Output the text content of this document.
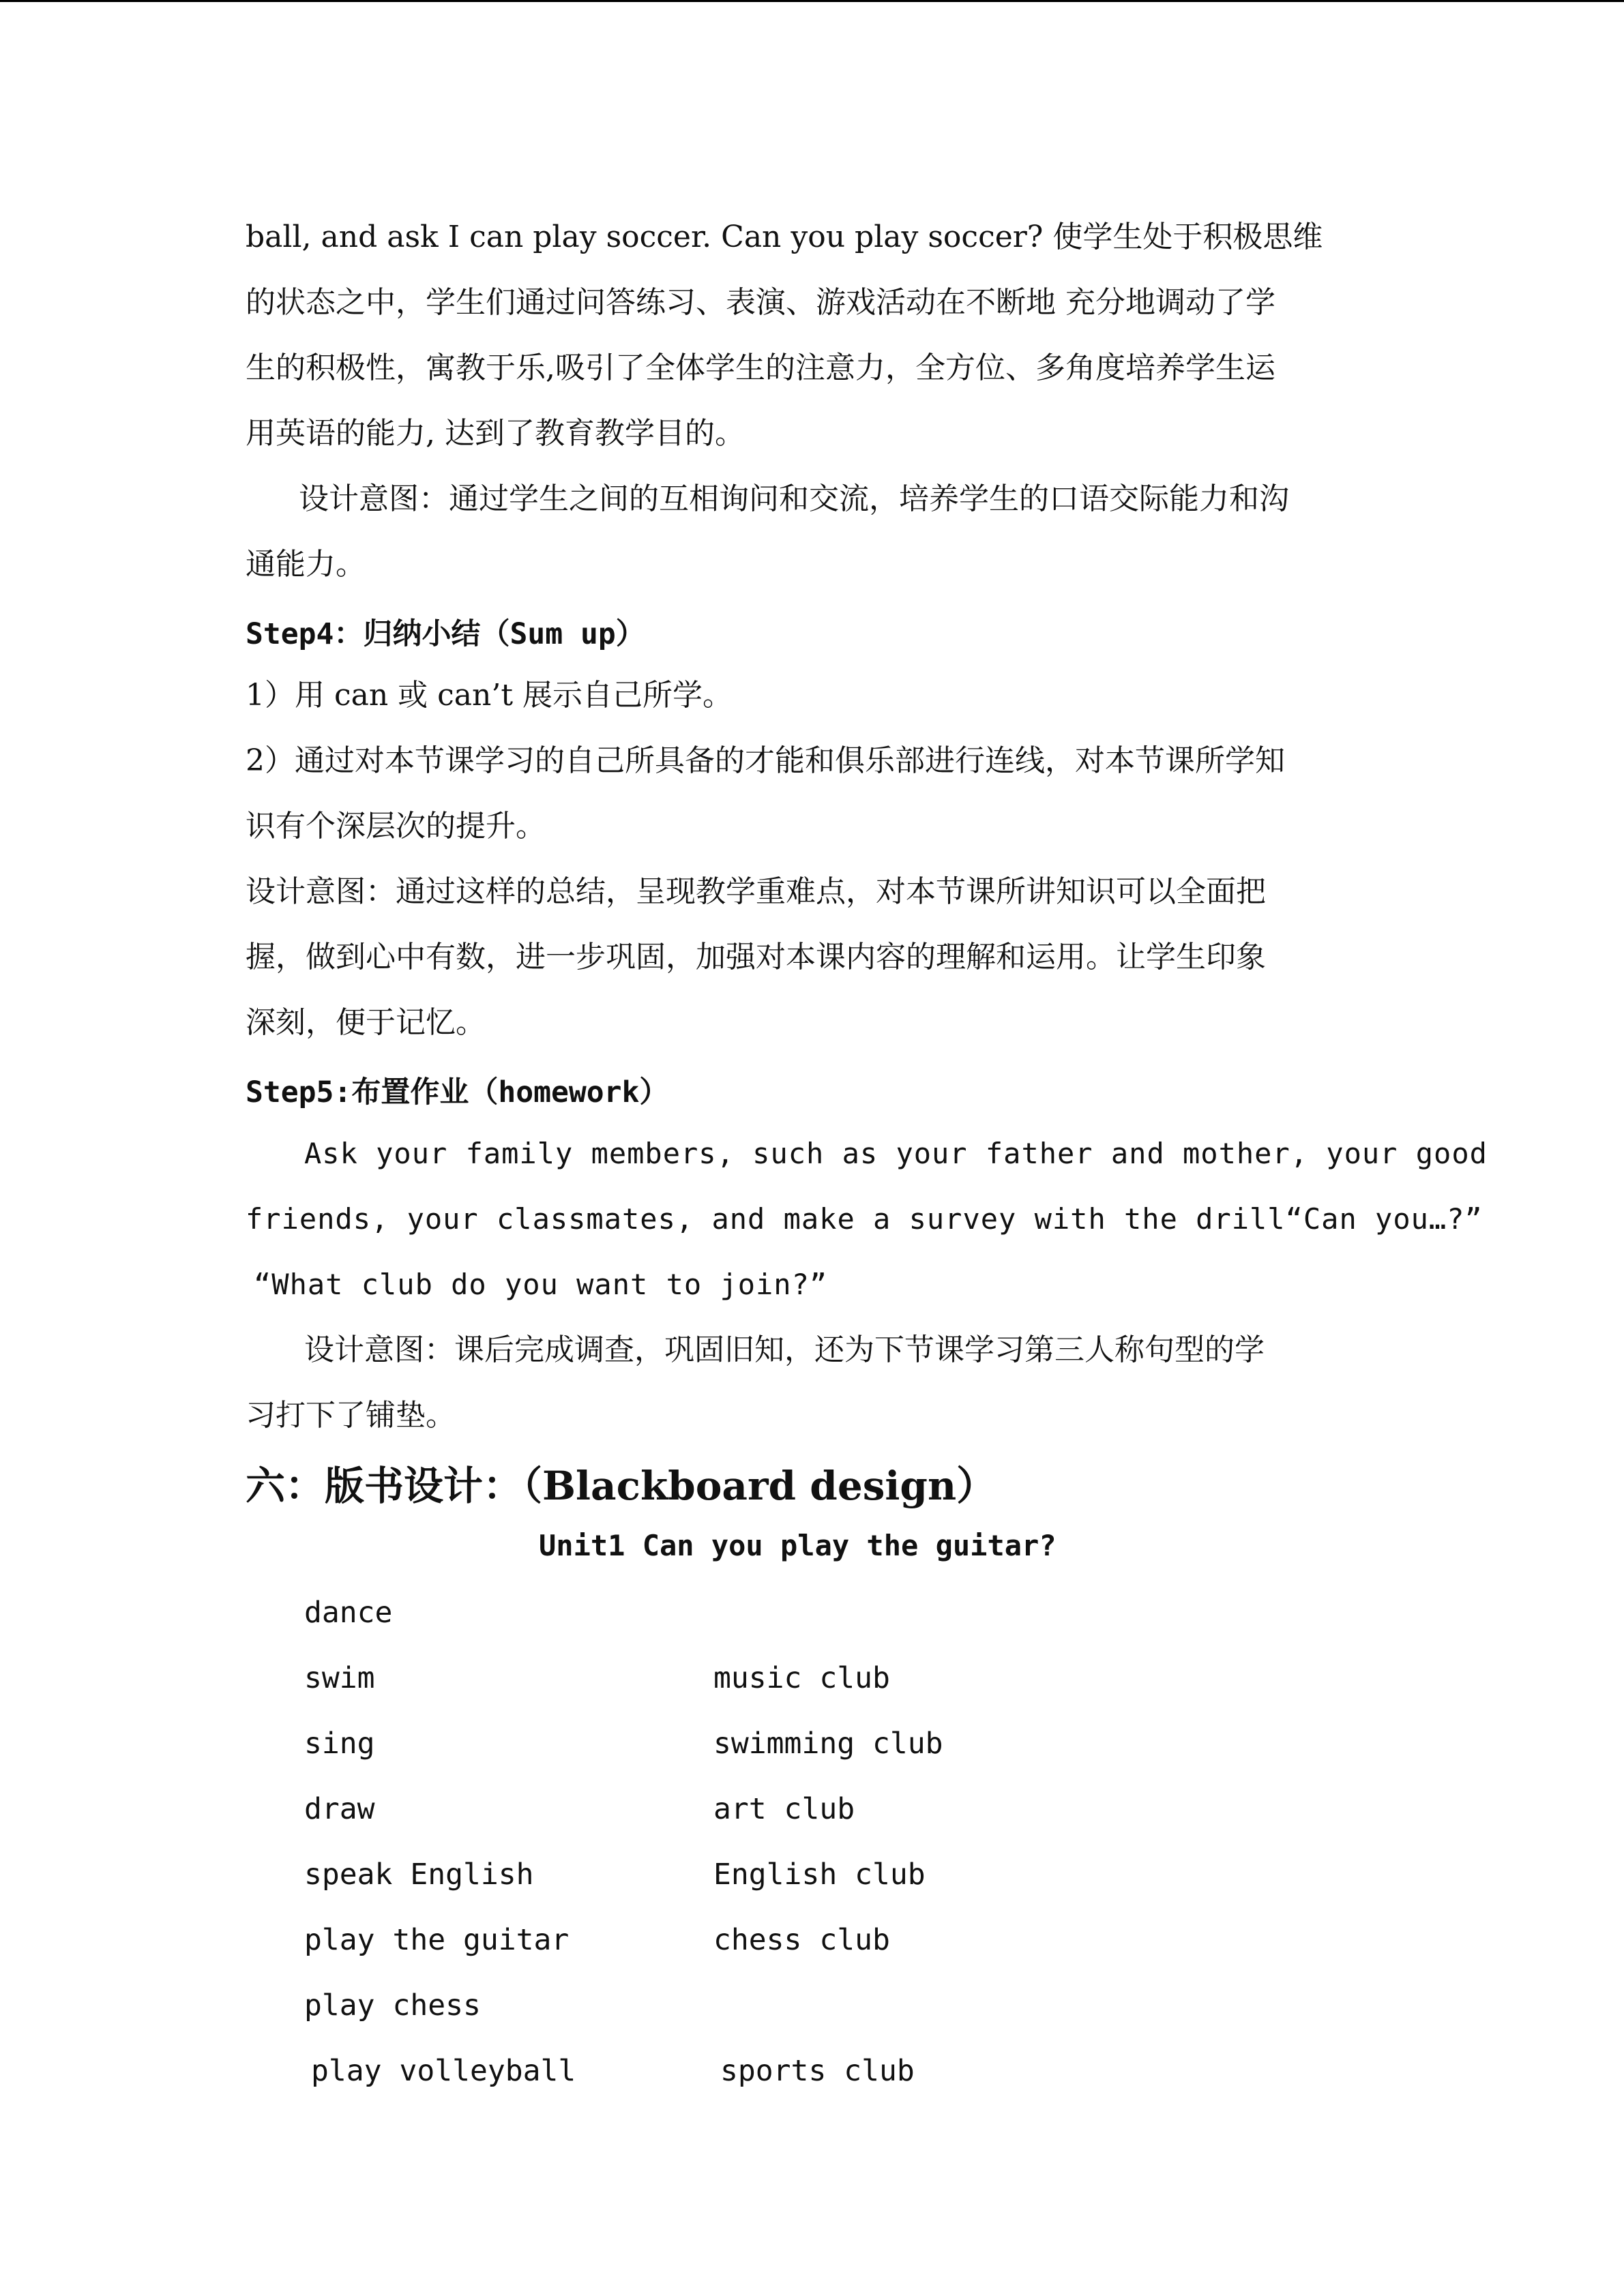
ball, and ask I can play soccer. Can you play soccer? 使学生处于积极思维
的状态之中，学生们通过问答练习、表演、游戏活动在不断地 充分地调动了学
生的积极性，寓教于乐,吸引了全体学生的注意力，全方位、多角度培养学生运
用英语的能力, 达到了教育教学目的。
设计意图：通过学生之间的互相询问和交流，培养学生的口语交际能力和沟
通能力。
Step4：归纳小结（Sum up）
1）用 can 或 can’t 展示自己所学。
2）通过对本节课学习的自己所具备的才能和俱乐部进行连线，对本节课所学知
识有个深层次的提升。
设计意图：通过这样的总结，呈现教学重难点，对本节课所讲知识可以全面把
握，做到心中有数，进一步巩固，加强对本课内容的理解和运用。让学生印象
深刻，便于记忆。
Step5:布置作业（homework）
Ask your family members, such as your father and mother, your good
friends, your classmates, and make a survey with the drill“Can you…?”
“What club do you want to join?”
设计意图：课后完成调查，巩固旧知，还为下节课学习第三人称句型的学
习打下了铺垫。
六：版书设计：（Blackboard design）
Unit1 Can you play the guitar?
dance
swim
sing
draw
speak English
play the guitar
play chess
play volleyball
music club
swimming club
art club
English club
chess club
sports club
